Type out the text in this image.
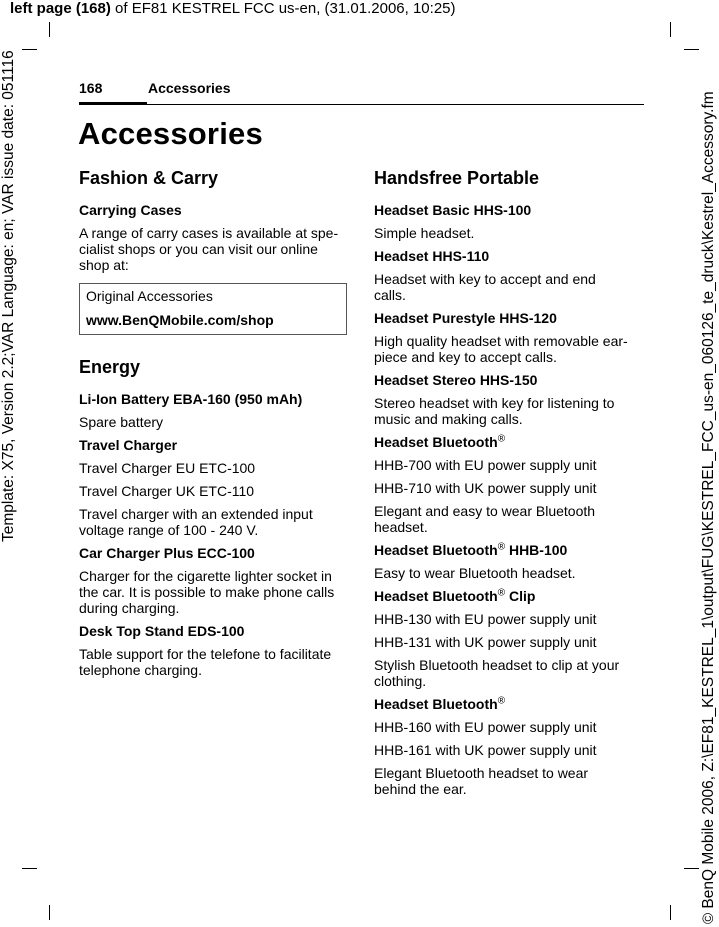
left page (168) of EF81 KESTREL FCC us-en, (31.01.2006, 10:25)
Template: X75, Version 2.2;VAR Language: en; VAR issue date: 051116
© BenQ Mobile 2006, Z:\EF81_KESTREL_1\output\FUG\KESTREL_FCC_us-en_060126_te_druck\Kestrel_Accessory.fm
168	Accessories
Accessories
Fashion & Carry
Carrying Cases
A range of carry cases is available at spe-cialist shops or you can visit our online shop at:
Original Accessories
www.BenQMobile.com/shop
Energy
Li-Ion Battery EBA-160 (950 mAh)
Spare battery
Travel Charger
Travel Charger EU ETC-100
Travel Charger UK ETC-110
Travel charger with an extended input voltage range of 100 - 240 V.
Car Charger Plus ECC-100
Charger for the cigarette lighter socket in the car. It is possible to make phone calls during charging.
Desk Top Stand EDS-100
Table support for the telefone to facilitate telephone charging.
Handsfree Portable
Headset Basic HHS-100
Simple headset.
Headset HHS-110
Headset with key to accept and end calls.
Headset Purestyle HHS-120
High quality headset with removable ear-piece and key to accept calls.
Headset Stereo HHS-150
Stereo headset with key for listening to music and making calls.
Headset Bluetooth®
HHB-700 with EU power supply unit
HHB-710 with UK power supply unit
Elegant and easy to wear Bluetooth headset.
Headset Bluetooth® HHB-100
Easy to wear Bluetooth headset.
Headset Bluetooth® Clip
HHB-130 with EU power supply unit
HHB-131 with UK power supply unit
Stylish Bluetooth headset to clip at your clothing.
Headset Bluetooth®
HHB-160 with EU power supply unit
HHB-161 with UK power supply unit
Elegant Bluetooth headset to wear behind the ear.
